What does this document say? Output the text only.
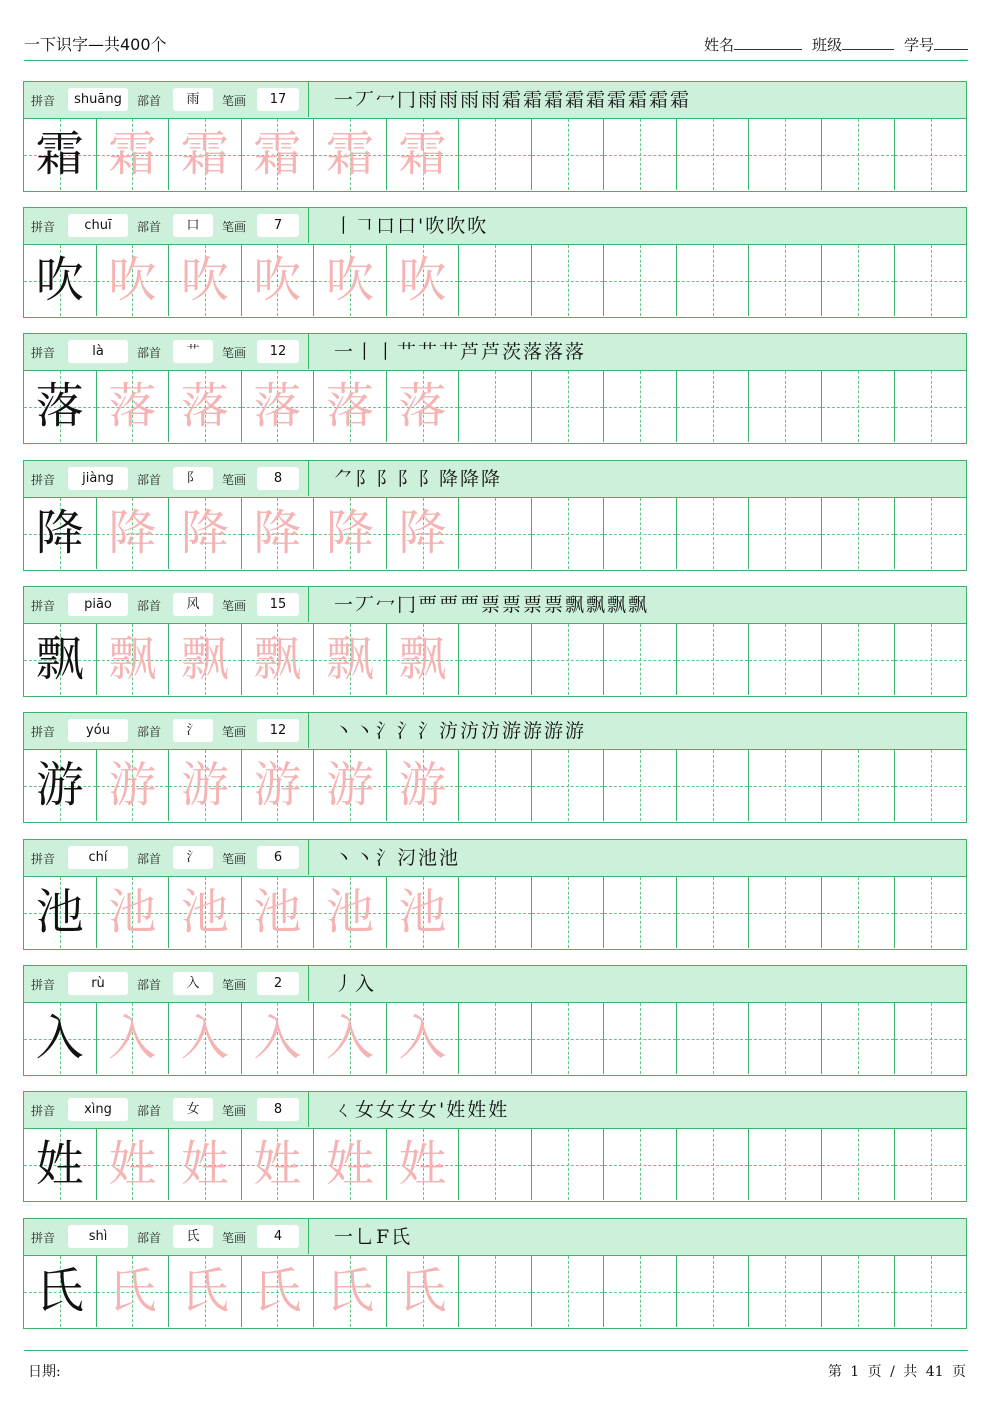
一下识字—共400个	姓名	班级	学号
拼音	shuāng	部首	雨	笔画	17	一丆冖冂雨雨雨雨霜霜霜霜霜霜霜霜霜
霜 霜 霜 霜 霜 霜
拼音	chuī	部首	口	笔画	7	丨𠃍口口'吹吹吹
吹 吹 吹 吹 吹 吹
拼音	là	部首	艹	笔画	12	一丨丨艹艹艹芦芦茨落落落
落 落 落 落 落 落
拼音	jiàng	部首	阝	笔画	8	⺈阝阝阝阝降降降
降 降 降 降 降 降
拼音	piāo	部首	风	笔画	15	一丆冖冂覀覀覀票票票票飘飘飘飘
飘 飘 飘 飘 飘 飘
拼音	yóu	部首	氵	笔画	12	丶丶氵氵氵汸汸汸游游游游
游 游 游 游 游 游
拼音	chí	部首	氵	笔画	6	丶丶氵汈池池
池 池 池 池 池 池
拼音	rù	部首	入	笔画	2	丿入
入 入 入 入 入 入
拼音	xìng	部首	女	笔画	8	ㄑ女女女女'姓姓姓
姓 姓 姓 姓 姓 姓
拼音	shì	部首	氏	笔画	4	一乚F氏
氏 氏 氏 氏 氏 氏
日期:	第 1 页 / 共 41 页
